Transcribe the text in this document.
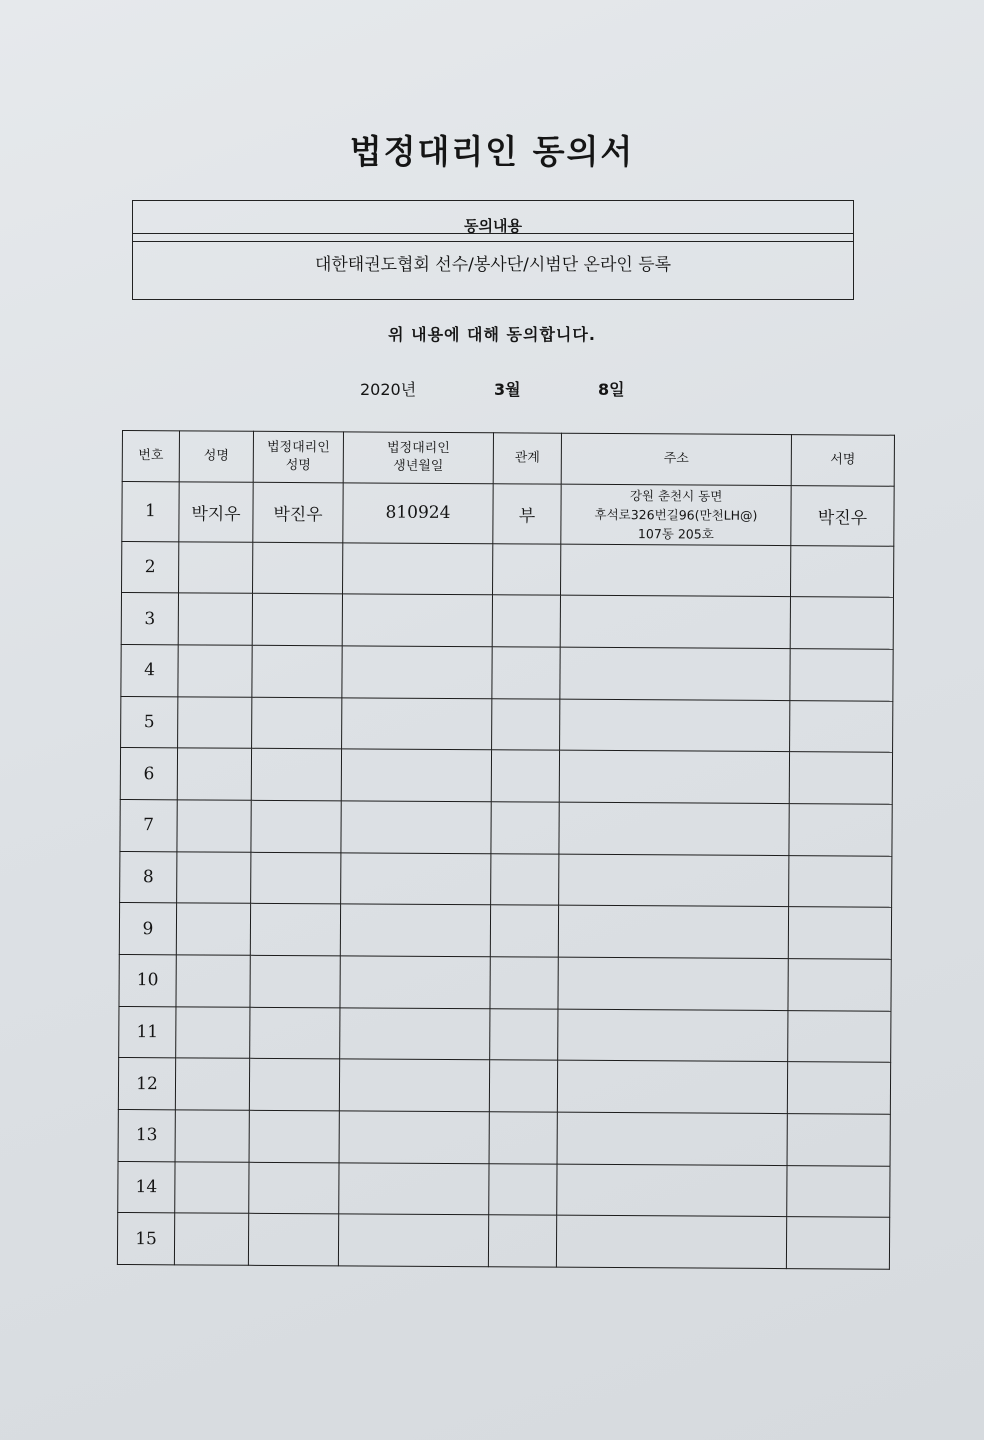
법정대리인 동의서
동의내용
대한태권도협회 선수/봉사단/시범단 온라인 등록
위 내용에 대해 동의합니다.
2020년	3월	8일
번호	성명	법정대리인 성명	법정대리인 생년월일	관계	주소	서명
1	박지우	박진우	810924	부	강원 춘천시 동면
후석로326번길96(만천LH@)
107동 205호	박진우
2						
3						
4						
5						
6						
7						
8						
9						
10						
11						
12						
13						
14						
15						
